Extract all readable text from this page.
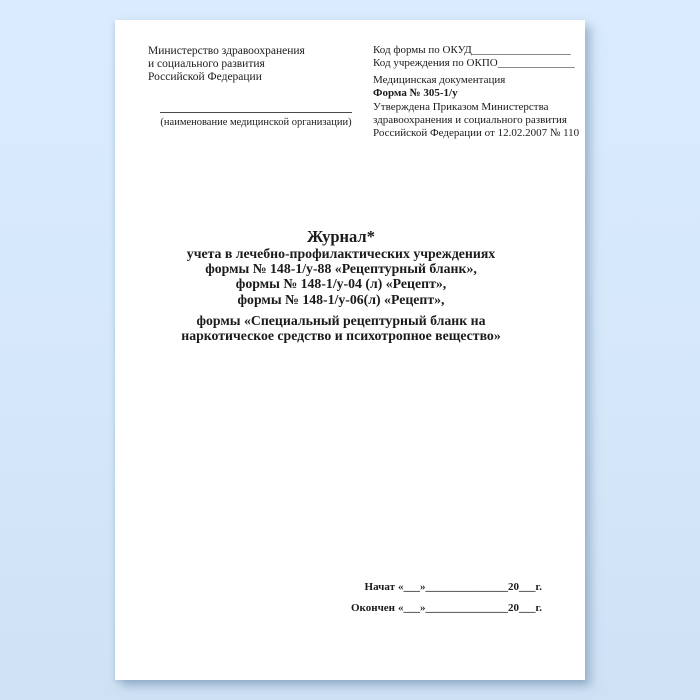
Министерство здравоохранения
и социального развития
Российской Федерации
(наименование медицинской организации)
Код формы по ОКУД__________________
Код учреждения по ОКПО______________
Медицинская документация
Форма № 305-1/у
Утверждена Приказом Министерства
здравоохранения и социального развития
Российской Федерации от 12.02.2007 № 110
Журнал*
учета в лечебно-профилактических учреждениях
формы № 148-1/у-88 «Рецептурный бланк»,
формы № 148-1/у-04 (л) «Рецепт»,
формы № 148-1/у-06(л) «Рецепт»,
формы «Специальный рецептурный бланк на
наркотическое средство и психотропное вещество»
Начат «___»_______________20___г.
Окончен «___»_______________20___г.
